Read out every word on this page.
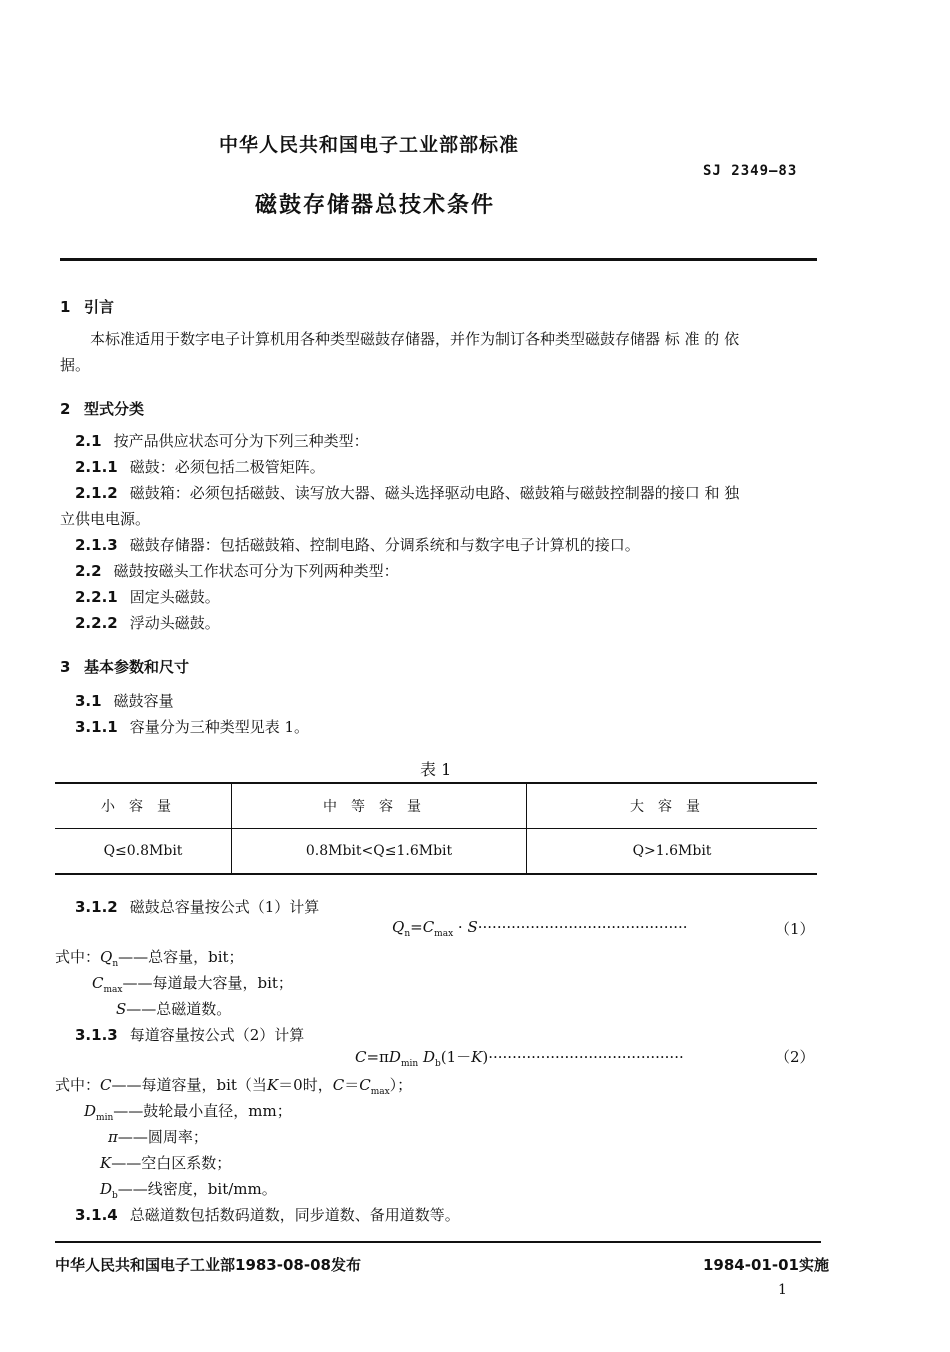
中华人民共和国电子工业部部标准
SJ 2349—83
磁鼓存储器总技术条件
1 引言
本标准适用于数字电子计算机用各种类型磁鼓存储器，并作为制订各种类型磁鼓存储器 标 准 的 依
据。
2 型式分类
2.1 按产品供应状态可分为下列三种类型：
2.1.1 磁鼓：必须包括二极管矩阵。
2.1.2 磁鼓箱：必须包括磁鼓、读写放大器、磁头选择驱动电路、磁鼓箱与磁鼓控制器的接口 和 独
立供电电源。
2.1.3 磁鼓存储器：包括磁鼓箱、控制电路、分调系统和与数字电子计算机的接口。
2.2 磁鼓按磁头工作状态可分为下列两种类型：
2.2.1 固定头磁鼓。
2.2.2 浮动头磁鼓。
3 基本参数和尺寸
3.1 磁鼓容量
3.1.1 容量分为三种类型见表 1。
表 1
小容量	中等容量	大容量
Q≤0.8Mbit	0.8Mbit<Q≤1.6Mbit	Q>1.6Mbit
3.1.2 磁鼓总容量按公式（1）计算
$Q_n=C_{max} \cdot S\cdot\cdot\cdot\cdot\cdot\cdot\cdot\cdot\cdot\cdot\cdot\cdot\cdot\cdot\cdot\cdot\cdot\cdot\cdot\cdot\cdot\cdot\cdot\cdot\cdot\cdot\cdot\cdot\cdot\cdot\cdot\cdot\cdot\cdot\cdot\cdot\cdot\cdot\cdot\cdot\cdot\cdot\cdot\cdot$	（1）
式中：$Q_n——$总容量，bit；
$C_{max}——$每道最大容量，bit；
S——总磁道数。
3.1.3 每道容量按公式（2）计算
$C=\pi D_{min}$ $D_b(1-K)\cdot\cdot\cdot\cdot\cdot\cdot\cdot\cdot\cdot\cdot\cdot\cdot\cdot\cdot\cdot\cdot\cdot\cdot\cdot\cdot\cdot\cdot\cdot\cdot\cdot\cdot\cdot\cdot\cdot\cdot\cdot\cdot\cdot\cdot\cdot\cdot\cdot\cdot\cdot\cdot\cdot$	（2）
式中：C——每道容量，bit（当K＝0时，$C=C_{max}$）；
$D_{min}——$鼓轮最小直径，mm；
π——圆周率；
K——空白区系数；
$D_b——$线密度，bit/mm。
3.1.4 总磁道数包括数码道数，同步道数、备用道数等。
中华人民共和国电子工业部1983-08-08发布	1984-01-01实施
1
